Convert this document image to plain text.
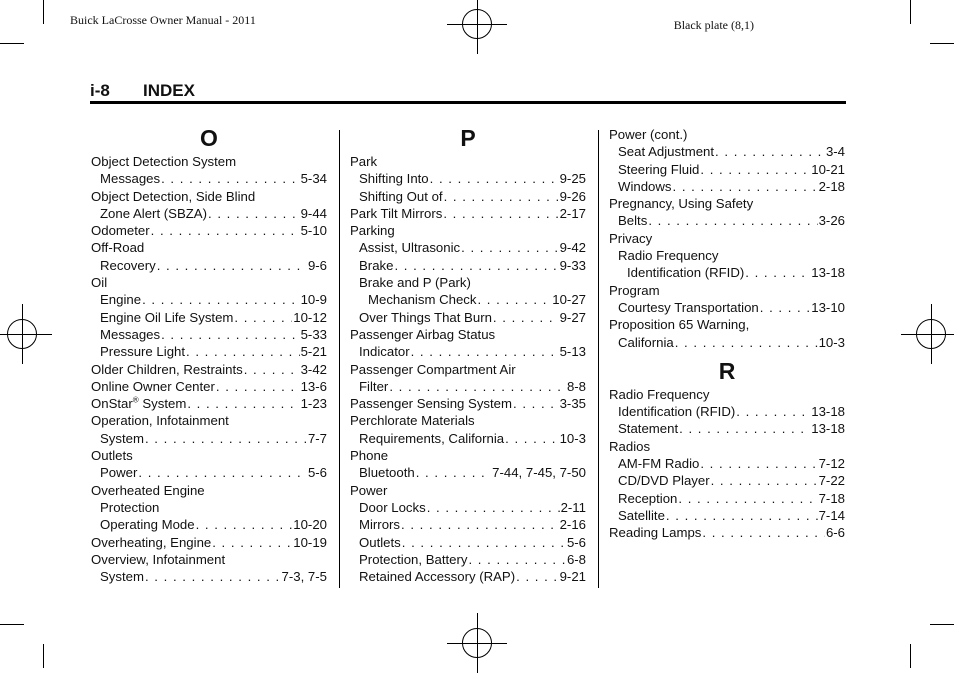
Buick LaCrosse Owner Manual - 2011	Black plate (8,1)
i-8 INDEX
O
Object Detection System
Messages . . .	5-34
Object Detection, Side Blind
Zone Alert (SBZA) . . .	9-44
Odometer . . .	5-10
Off-Road
Recovery . . .	9-6
Oil
Engine . . .	10-9
Engine Oil Life System . . .	10-12
Messages . . .	5-33
Pressure Light . . .	5-21
Older Children, Restraints . . .	3-42
Online Owner Center . . .	13-6
OnStar® System . . .	1-23
Operation, Infotainment
System . . .	7-7
Outlets
Power . . .	5-6
Overheated Engine
Protection
Operating Mode . . .	10-20
Overheating, Engine . . .	10-19
Overview, Infotainment
System . . .	7-3, 7-5
P
Park
Shifting Into . . .	9-25
Shifting Out of . . .	9-26
Park Tilt Mirrors . . .	2-17
Parking
Assist, Ultrasonic . . .	9-42
Brake . . .	9-33
Brake and P (Park)
Mechanism Check . . .	10-27
Over Things That Burn . . .	9-27
Passenger Airbag Status
Indicator . . .	5-13
Passenger Compartment Air
Filter . . .	8-8
Passenger Sensing System . . .	3-35
Perchlorate Materials
Requirements, California . . .	10-3
Phone
Bluetooth . . .	7-44, 7-45, 7-50
Power
Door Locks . . .	2-11
Mirrors . . .	2-16
Outlets . . .	5-6
Protection, Battery . . .	6-8
Retained Accessory (RAP) . . .	9-21
Power (cont.)
Seat Adjustment . . .	3-4
Steering Fluid . . .	10-21
Windows . . .	2-18
Pregnancy, Using Safety
Belts . . .	3-26
Privacy
Radio Frequency
Identification (RFID) . . .	13-18
Program
Courtesy Transportation . . .	13-10
Proposition 65 Warning,
California . . .	10-3
R
Radio Frequency
Identification (RFID) . . .	13-18
Statement . . .	13-18
Radios
AM-FM Radio . . .	7-12
CD/DVD Player . . .	7-22
Reception . . .	7-18
Satellite . . .	7-14
Reading Lamps . . .	6-6
